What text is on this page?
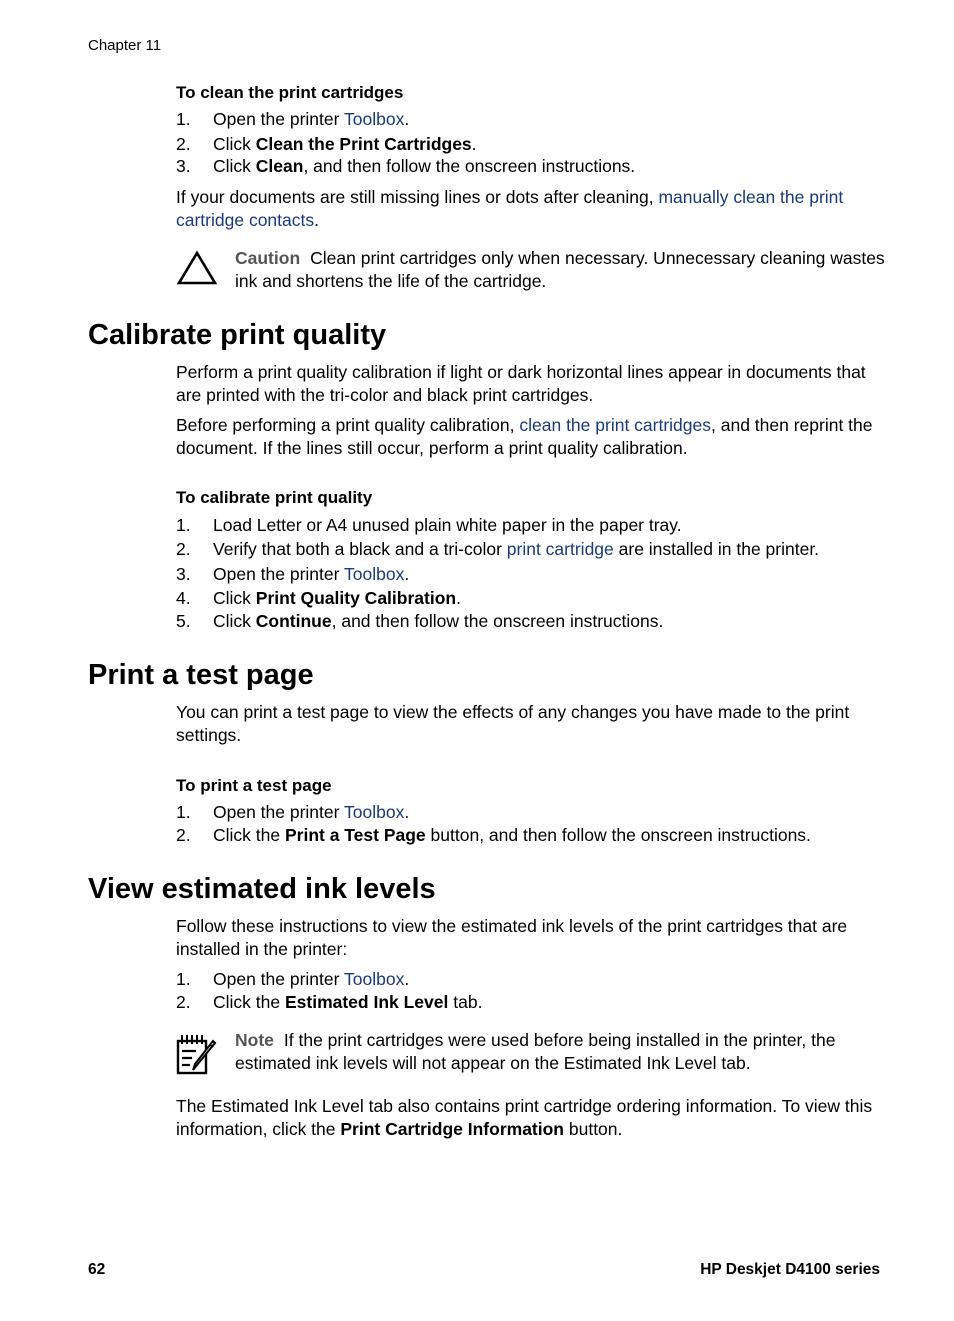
Chapter 11
To clean the print cartridges
1. Open the printer Toolbox.
2. Click Clean the Print Cartridges.
3. Click Clean, and then follow the onscreen instructions.
If your documents are still missing lines or dots after cleaning, manually clean the print cartridge contacts.
Caution Clean print cartridges only when necessary. Unnecessary cleaning wastes ink and shortens the life of the cartridge.
Calibrate print quality
Perform a print quality calibration if light or dark horizontal lines appear in documents that are printed with the tri-color and black print cartridges.
Before performing a print quality calibration, clean the print cartridges, and then reprint the document. If the lines still occur, perform a print quality calibration.
To calibrate print quality
1. Load Letter or A4 unused plain white paper in the paper tray.
2. Verify that both a black and a tri-color print cartridge are installed in the printer.
3. Open the printer Toolbox.
4. Click Print Quality Calibration.
5. Click Continue, and then follow the onscreen instructions.
Print a test page
You can print a test page to view the effects of any changes you have made to the print settings.
To print a test page
1. Open the printer Toolbox.
2. Click the Print a Test Page button, and then follow the onscreen instructions.
View estimated ink levels
Follow these instructions to view the estimated ink levels of the print cartridges that are installed in the printer:
1. Open the printer Toolbox.
2. Click the Estimated Ink Level tab.
Note If the print cartridges were used before being installed in the printer, the estimated ink levels will not appear on the Estimated Ink Level tab.
The Estimated Ink Level tab also contains print cartridge ordering information. To view this information, click the Print Cartridge Information button.
62	HP Deskjet D4100 series
